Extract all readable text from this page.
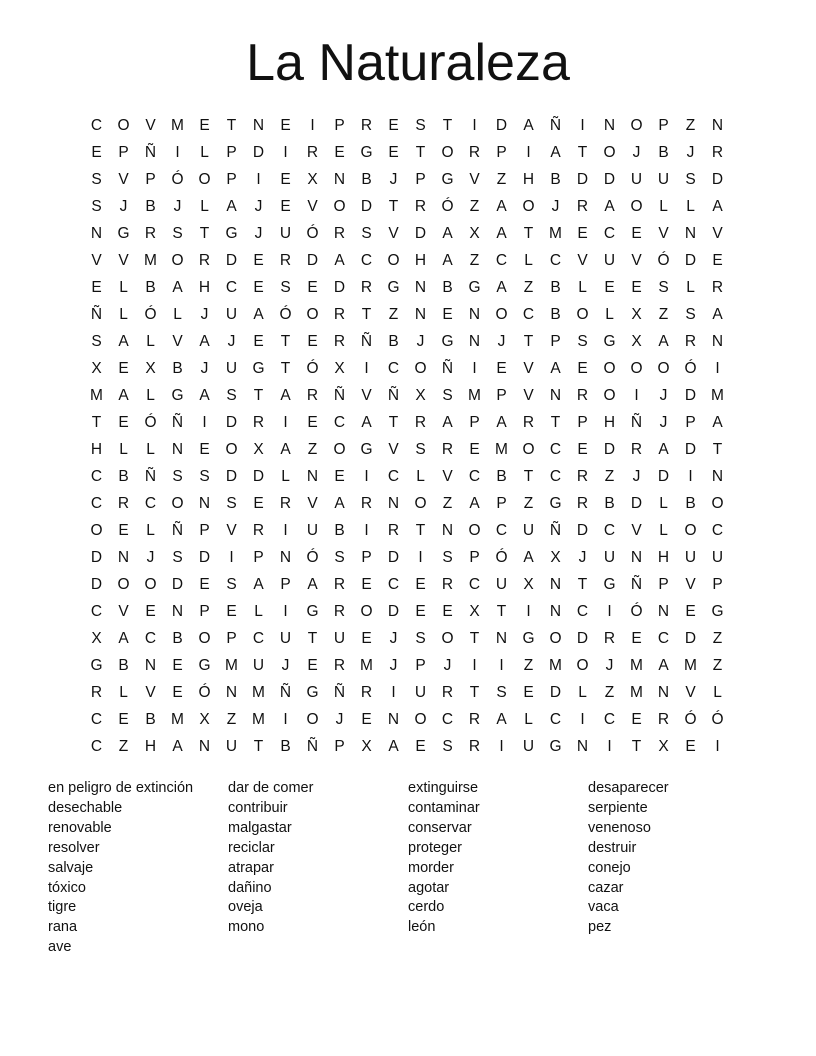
La Naturaleza
C O	V M E	T	N	E	I	P	R	E	S	T	I	D	A	Ñ	I	N O	P	Z	N
E	P	Ñ	I	L	P	D	I	R	E	G	E	T	O R	P	I	A	T	O	J	B	J	R
S	V	P	Ó O	P	I	E	X	N	B	J	P	G	V	Z	H	B	D	D	U	U	S	D
S	J	B	J	L	A	J	E	V	O D	T	R Ó	Z	A	O	J	R	A	O	L	L	A
N G R	S	T	G	J	U Ó R	S	V	D	A	X	A	T	M E	C	E	V	N	V
V	V M O R	D	E	R	D	A	C O H	A	Z	C	L	C	V	U	V	Ó D	E
E	L	B	A	H	C	E	S	E	D	R G N	B	G	A	Z	B	L	E	E	S	L	R
Ñ	L	Ó	L	J	U	A	Ó O R	T	Z	N	E	N O C	B	O	L	X	Z	S	A
S	A	L	V	A	J	E	T	E	R	Ñ	B	J	G N	J	T	P	S	G	X	A	R	N
X	E	X	B	J	U G	T	Ó	X	I	C O Ñ	I	E	V	A	E	O O O Ó	I
M A	L	G	A	S	T	A	R	Ñ	V	Ñ	X	S M P	V	N	R O	I	J	D M
T	E	Ó Ñ	I	D	R	I	E	C	A	T	R	A	P	A	R	T	P	H	Ñ	J	P	A
H	L	L	N	E	O	X	A	Z	O G	V	S	R	E M O C	E	D	R	A	D	T
C	B	Ñ	S	S	D	D	L	N	E	I	C	L	V	C	B	T	C	R	Z	J	D	I	N
C	R	C O N	S	E	R	V	A	R	N O	Z	A	P	Z	G R	B	D	L	B	O
O	E	L	Ñ	P	V	R	I	U	B	I	R	T	N O C	U	Ñ	D	C	V	L	O C
D	N	J	S	D	I	P	N Ó	S	P	D	I	S	P	Ó	A	X	J	U	N	H	U	U
D O O D	E	S	A	P	A	R	E	C	E	R	C	U	X	N	T	G Ñ	P	V	P
C	V	E	N	P	E	L	I	G R O D	E	E	X	T	I	N	C	I	Ó N	E	G
X	A	C	B	O	P	C	U	T	U	E	J	S	O	T	N G O D	R	E	C	D	Z
G	B	N	E	G M U	J	E	R M	J	P	J	I	I	Z	M O	J	M A M	Z
R	L	V	E	Ó N M Ñ G Ñ	R	I	U	R	T	S	E	D	L	Z	M N	V	L
C	E	B M X	Z	M	I	O	J	E	N O C	R	A	L	C	I	C	E	R Ó Ó
C	Z	H	A	N	U	T	B	Ñ	P	X	A	E	S	R	I	U G N	I	T	X	E	I
en peligro de extinción
desechable
renovable
resolver
salvaje
tóxico
tigre
rana
ave
dar de comer
contribuir
malgastar
reciclar
atrapar
dañino
oveja
mono
extinguirse
contaminar
conservar
proteger
morder
agotar
cerdo
león
desaparecer
serpiente
venenoso
destruir
conejo
cazar
vaca
pez
